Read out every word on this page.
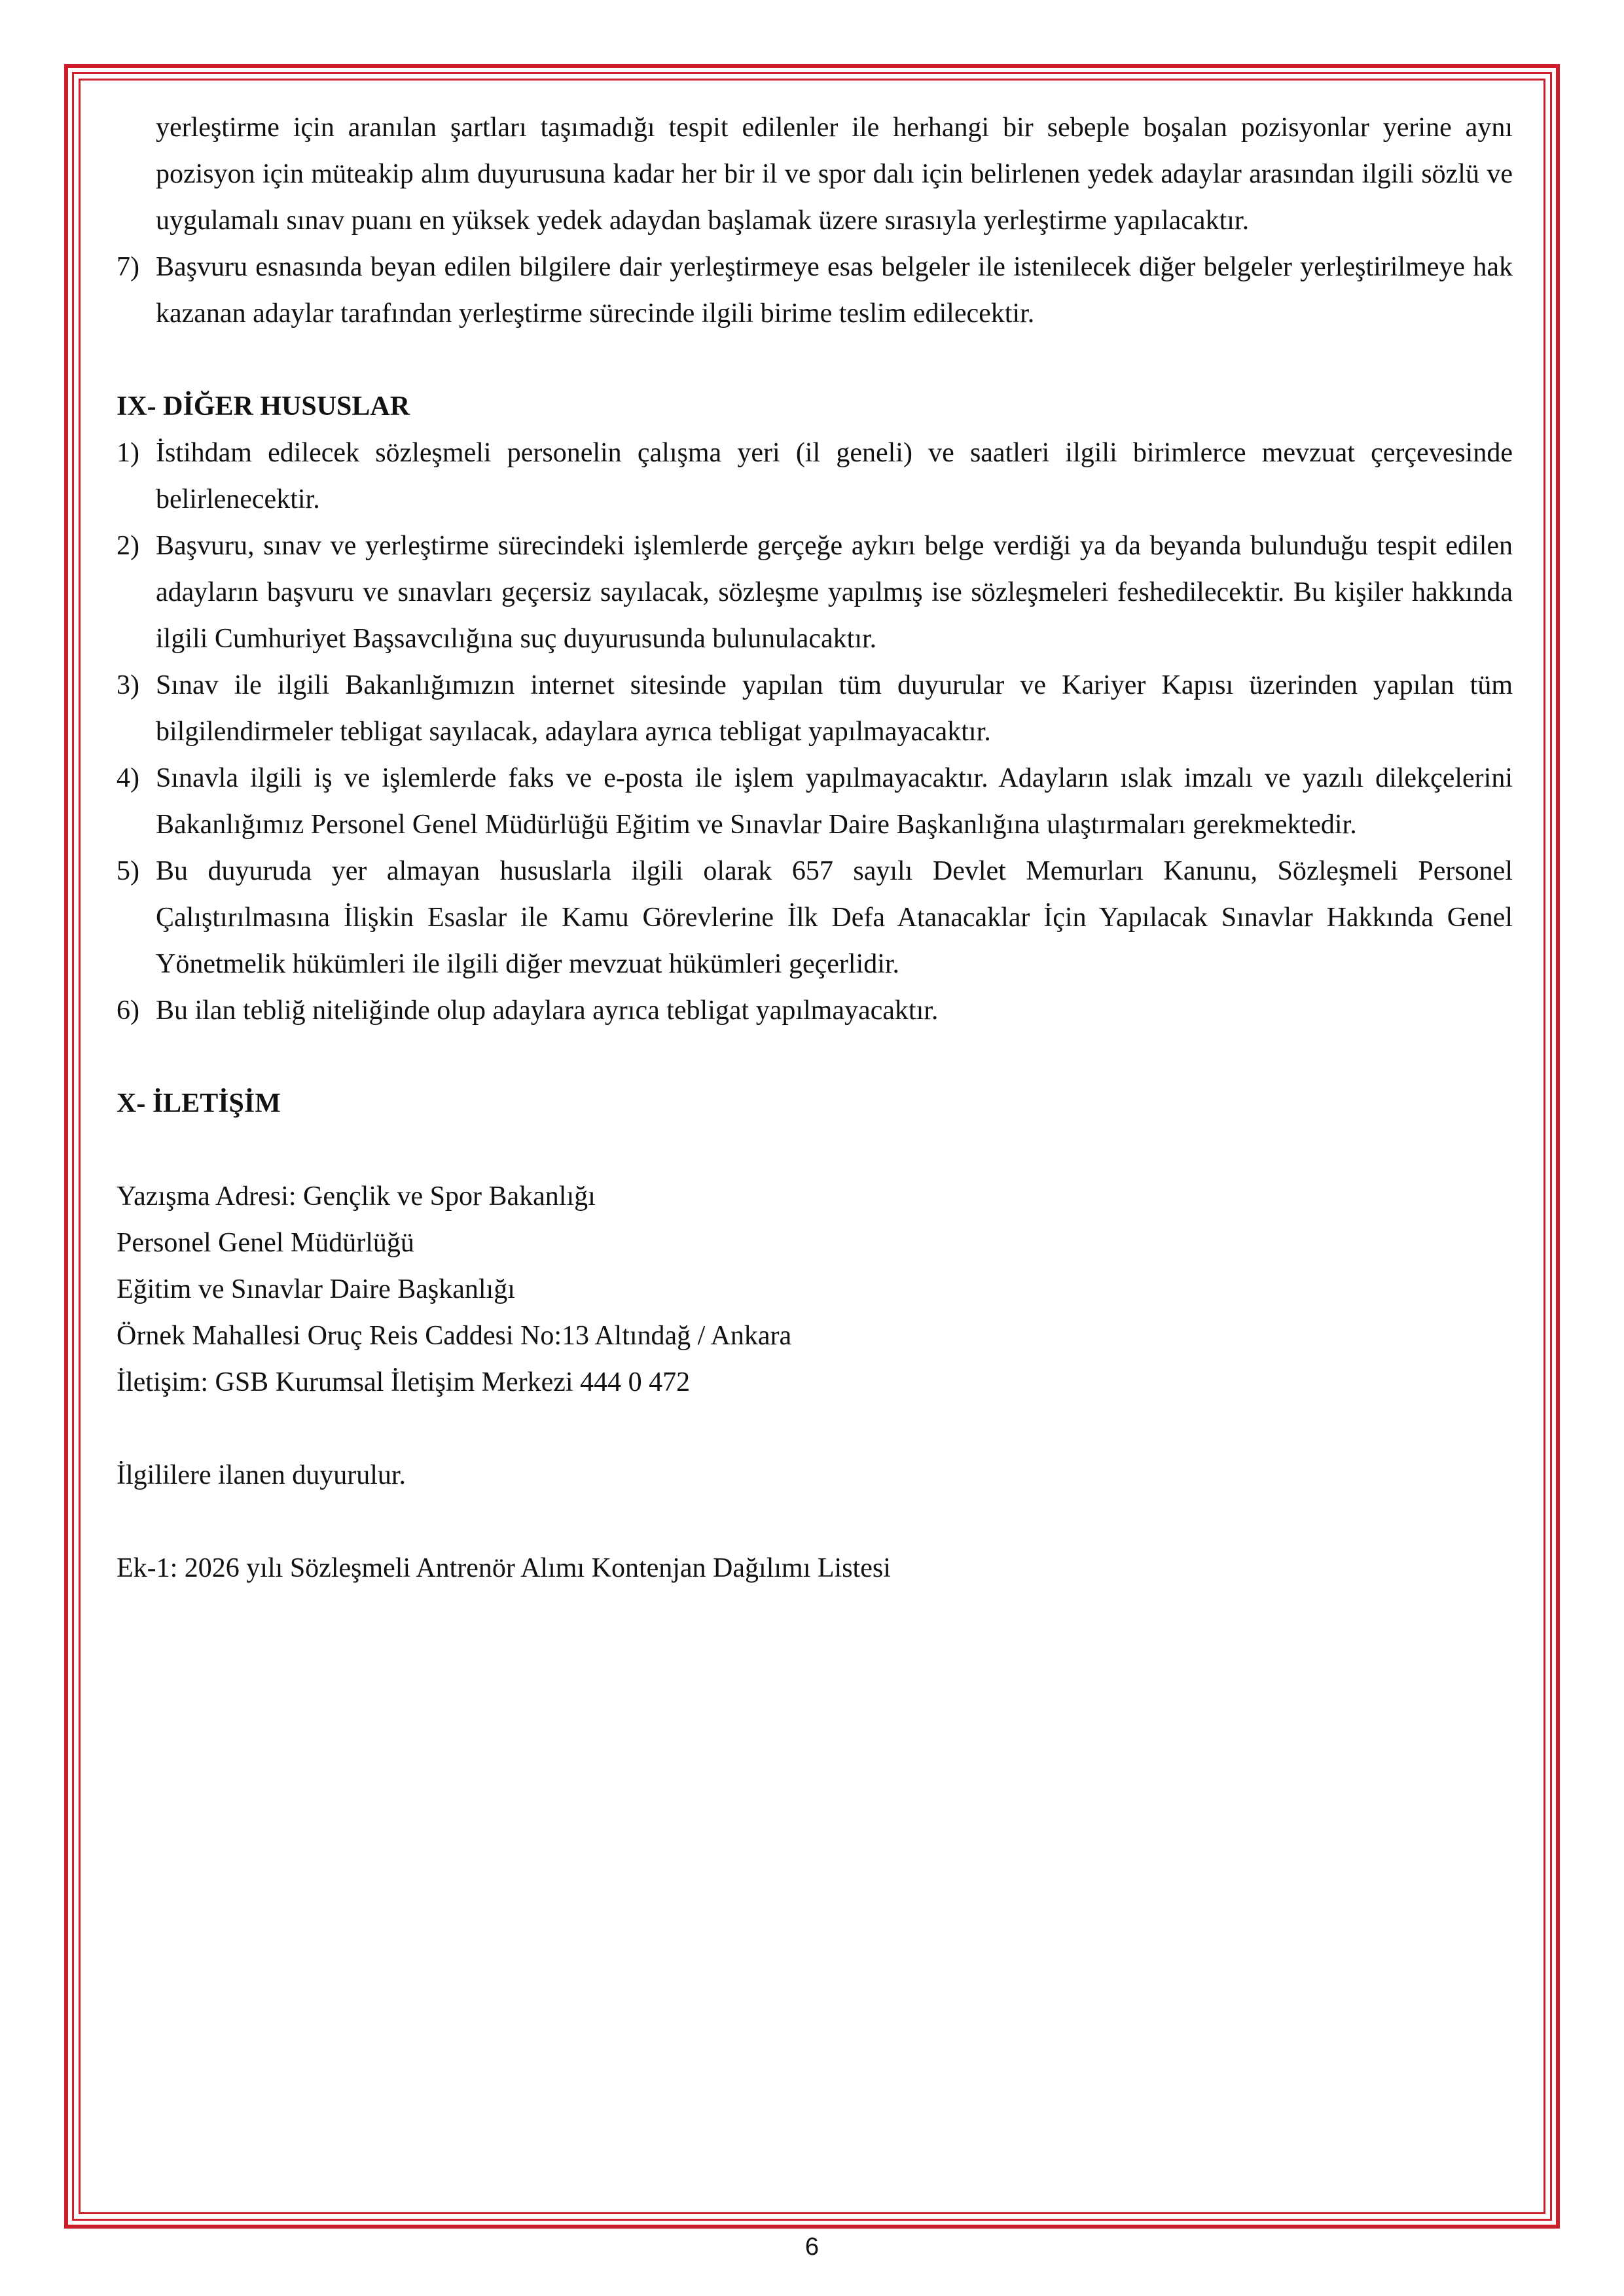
yerleştirme için aranılan şartları taşımadığı tespit edilenler ile herhangi bir sebeple boşalan pozisyonlar yerine aynı pozisyon için müteakip alım duyurusuna kadar her bir il ve spor dalı için belirlenen yedek adaylar arasından ilgili sözlü ve uygulamalı sınav puanı en yüksek yedek adaydan başlamak üzere sırasıyla yerleştirme yapılacaktır.

7) Başvuru esnasında beyan edilen bilgilere dair yerleştirmeye esas belgeler ile istenilecek diğer belgeler yerleştirilmeye hak kazanan adaylar tarafından yerleştirme sürecinde ilgili birime teslim edilecektir.

IX- DİĞER HUSUSLAR

1) İstihdam edilecek sözleşmeli personelin çalışma yeri (il geneli) ve saatleri ilgili birimlerce mevzuat çerçevesinde belirlenecektir.
2) Başvuru, sınav ve yerleştirme sürecindeki işlemlerde gerçeğe aykırı belge verdiği ya da beyanda bulunduğu tespit edilen adayların başvuru ve sınavları geçersiz sayılacak, sözleşme yapılmış ise sözleşmeleri feshedilecektir. Bu kişiler hakkında ilgili Cumhuriyet Başsavcılığına suç duyurusunda bulunulacaktır.
3) Sınav ile ilgili Bakanlığımızın internet sitesinde yapılan tüm duyurular ve Kariyer Kapısı üzerinden yapılan tüm bilgilendirmeler tebligat sayılacak, adaylara ayrıca tebligat yapılmayacaktır.
4) Sınavla ilgili iş ve işlemlerde faks ve e-posta ile işlem yapılmayacaktır. Adayların ıslak imzalı ve yazılı dilekçelerini Bakanlığımız Personel Genel Müdürlüğü Eğitim ve Sınavlar Daire Başkanlığına ulaştırmaları gerekmektedir.
5) Bu duyuruda yer almayan hususlarla ilgili olarak 657 sayılı Devlet Memurları Kanunu, Sözleşmeli Personel Çalıştırılmasına İlişkin Esaslar ile Kamu Görevlerine İlk Defa Atanacaklar İçin Yapılacak Sınavlar Hakkında Genel Yönetmelik hükümleri ile ilgili diğer mevzuat hükümleri geçerlidir.
6) Bu ilan tebliğ niteliğinde olup adaylara ayrıca tebligat yapılmayacaktır.

X- İLETİŞİM

Yazışma Adresi: Gençlik ve Spor Bakanlığı

Personel Genel Müdürlüğü

Eğitim ve Sınavlar Daire Başkanlığı

Örnek Mahallesi Oruç Reis Caddesi No:13 Altındağ / Ankara

İletişim: GSB Kurumsal İletişim Merkezi 444 0 472

İlgililere ilanen duyurulur.

Ek-1: 2026 yılı Sözleşmeli Antrenör Alımı Kontenjan Dağılımı Listesi

6
